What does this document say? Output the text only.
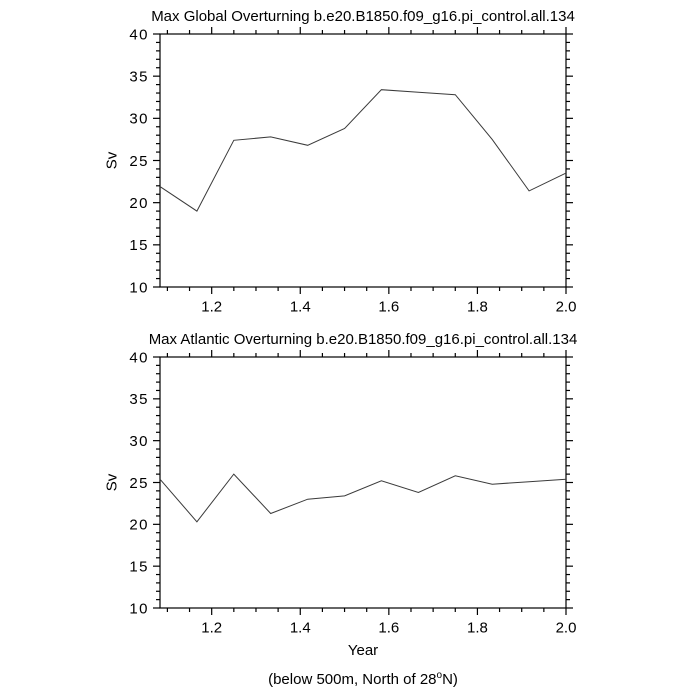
10
15
20
25
30
35
40
1.2	1.4	1.6	1.8	2.0
Sv
10
15
20
25
30
35
40
1.2	1.4	1.6	1.8	2.0
Sv
Max Global Overturning b.e20.B1850.f09_g16.pi_control.all.134
Max Atlantic Overturning b.e20.B1850.f09_g16.pi_control.all.134
Year
(below 500m, North of 28$^o$N)
